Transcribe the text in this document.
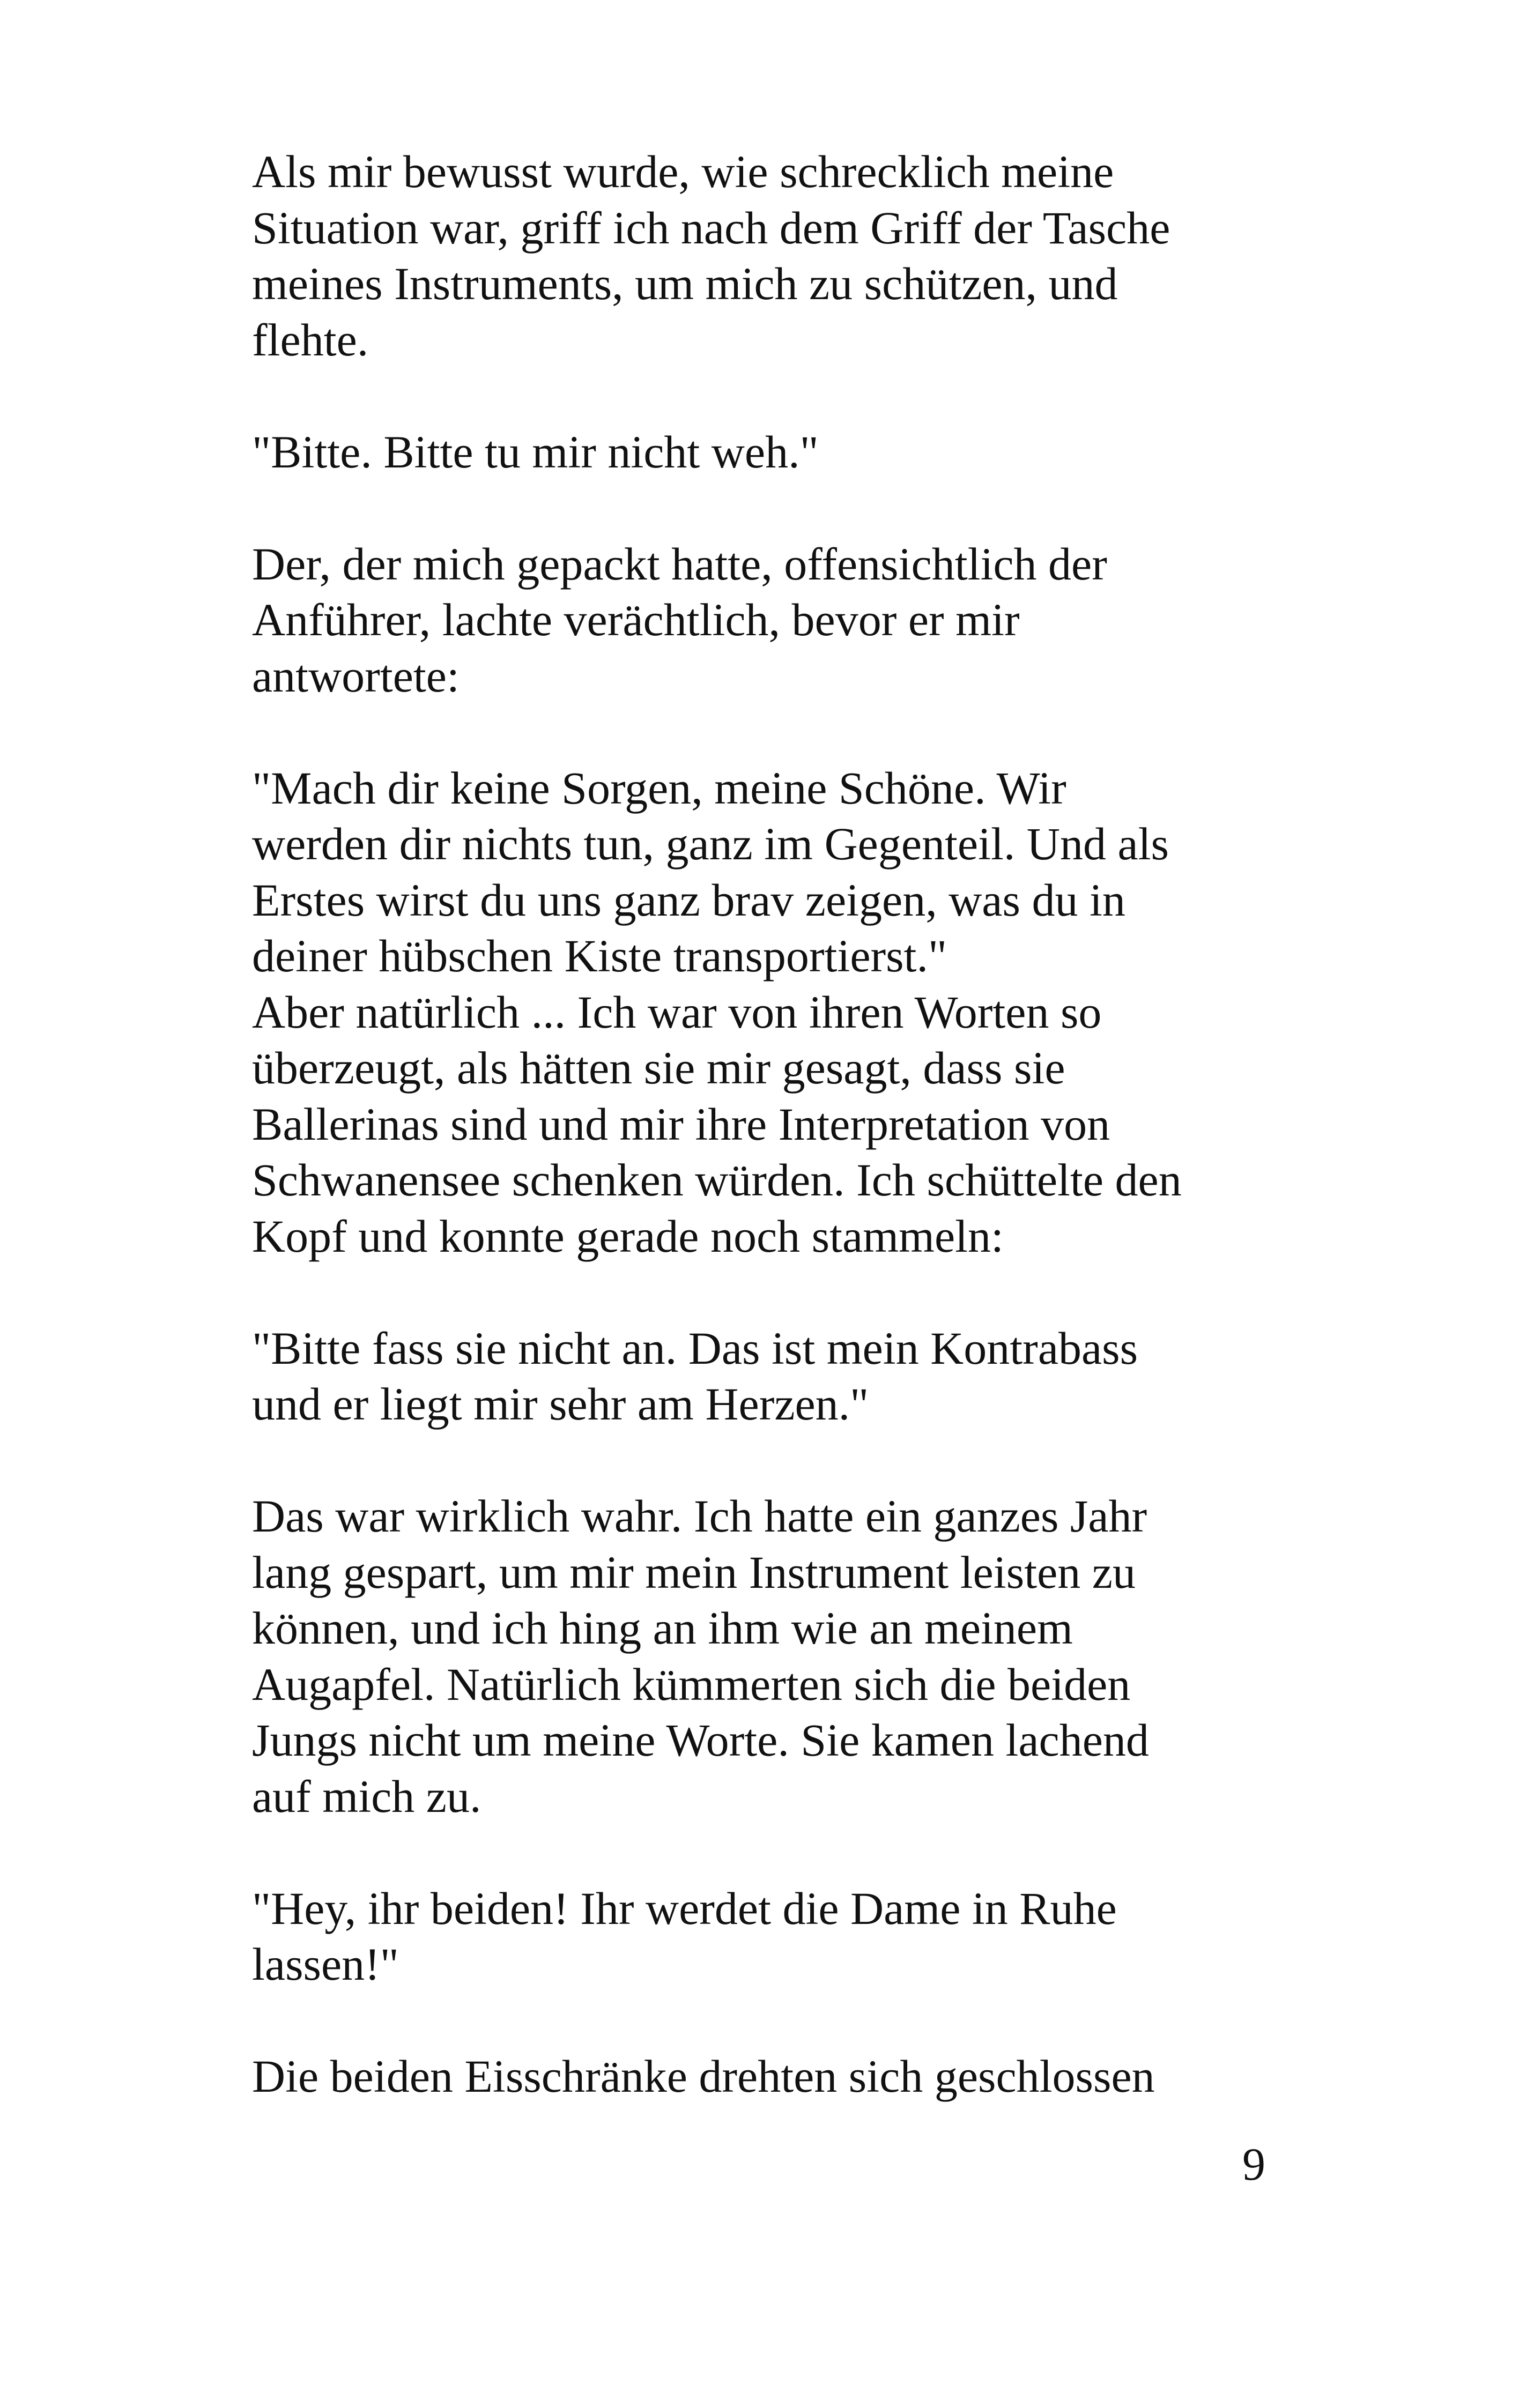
Als mir bewusst wurde, wie schrecklich meine
Situation war, griff ich nach dem Griff der Tasche
meines Instruments, um mich zu schützen, und
flehte.

"Bitte. Bitte tu mir nicht weh."

Der, der mich gepackt hatte, offensichtlich der
Anführer, lachte verächtlich, bevor er mir
antwortete:

"Mach dir keine Sorgen, meine Schöne. Wir
werden dir nichts tun, ganz im Gegenteil. Und als
Erstes wirst du uns ganz brav zeigen, was du in
deiner hübschen Kiste transportierst."
Aber natürlich ... Ich war von ihren Worten so
überzeugt, als hätten sie mir gesagt, dass sie
Ballerinas sind und mir ihre Interpretation von
Schwanensee schenken würden. Ich schüttelte den
Kopf und konnte gerade noch stammeln:

"Bitte fass sie nicht an. Das ist mein Kontrabass
und er liegt mir sehr am Herzen."

Das war wirklich wahr. Ich hatte ein ganzes Jahr
lang gespart, um mir mein Instrument leisten zu
können, und ich hing an ihm wie an meinem
Augapfel. Natürlich kümmerten sich die beiden
Jungs nicht um meine Worte. Sie kamen lachend
auf mich zu.

"Hey, ihr beiden! Ihr werdet die Dame in Ruhe
lassen!"

Die beiden Eisschränke drehten sich geschlossen

9
